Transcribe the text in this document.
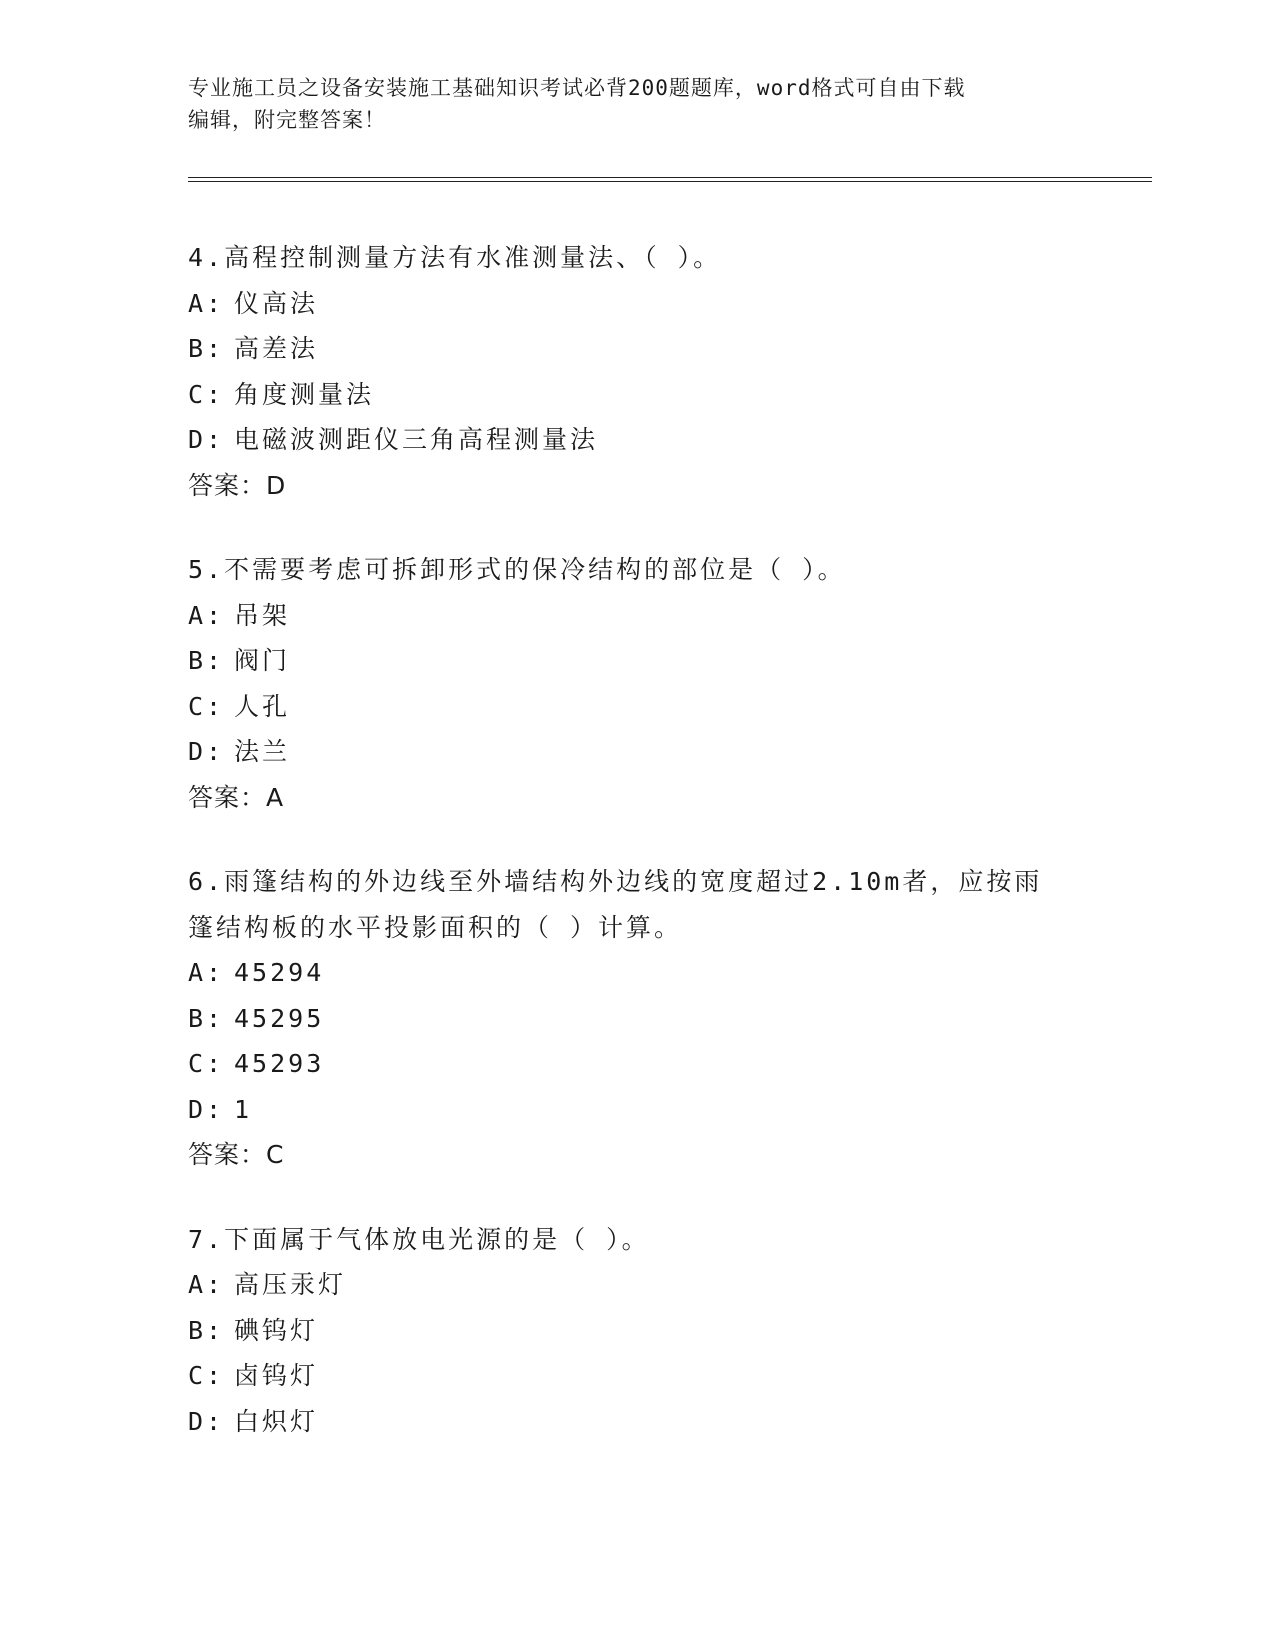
专业施工员之设备安装施工基础知识考试必背200题题库，word格式可自由下载
编辑，附完整答案！
4.高程控制测量方法有水准测量法、（ ）。
A: 仪高法
B: 高差法
C: 角度测量法
D: 电磁波测距仪三角高程测量法
答案：D
5.不需要考虑可拆卸形式的保冷结构的部位是（ ）。
A: 吊架
B: 阀门
C: 人孔
D: 法兰
答案：A
6.雨篷结构的外边线至外墙结构外边线的宽度超过2.10m者，应按雨篷结构板的水平投影面积的（ ）计算。
A: 45294
B: 45295
C: 45293
D: 1
答案：C
7.下面属于气体放电光源的是（ ）。
A: 高压汞灯
B: 碘钨灯
C: 卤钨灯
D: 白炽灯
